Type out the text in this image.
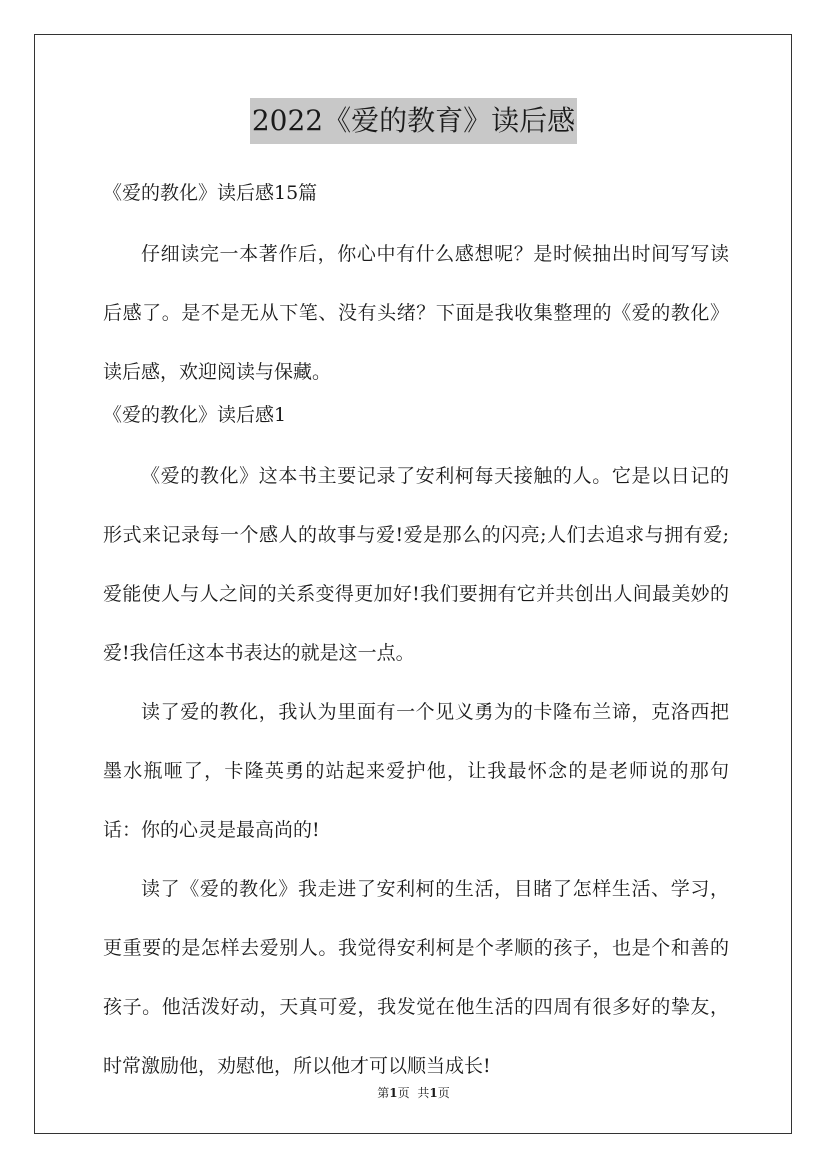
2022《爱的教育》读后感
《爱的教化》读后感15篇
仔细读完一本著作后，你心中有什么感想呢？是时候抽出时间写写读后感了。是不是无从下笔、没有头绪？下面是我收集整理的《爱的教化》读后感，欢迎阅读与保藏。
《爱的教化》读后感1
《爱的教化》这本书主要记录了安利柯每天接触的人。它是以日记的形式来记录每一个感人的故事与爱!爱是那么的闪亮;人们去追求与拥有爱;爱能使人与人之间的关系变得更加好!我们要拥有它并共创出人间最美妙的爱!我信任这本书表达的就是这一点。
读了爱的教化，我认为里面有一个见义勇为的卡隆布兰谛，克洛西把墨水瓶咂了，卡隆英勇的站起来爱护他，让我最怀念的是老师说的那句话：你的心灵是最高尚的!
读了《爱的教化》我走进了安利柯的生活，目睹了怎样生活、学习，更重要的是怎样去爱别人。我觉得安利柯是个孝顺的孩子，也是个和善的孩子。他活泼好动，天真可爱，我发觉在他生活的四周有很多好的挚友，时常激励他，劝慰他，所以他才可以顺当成长!
第1页 共1页
